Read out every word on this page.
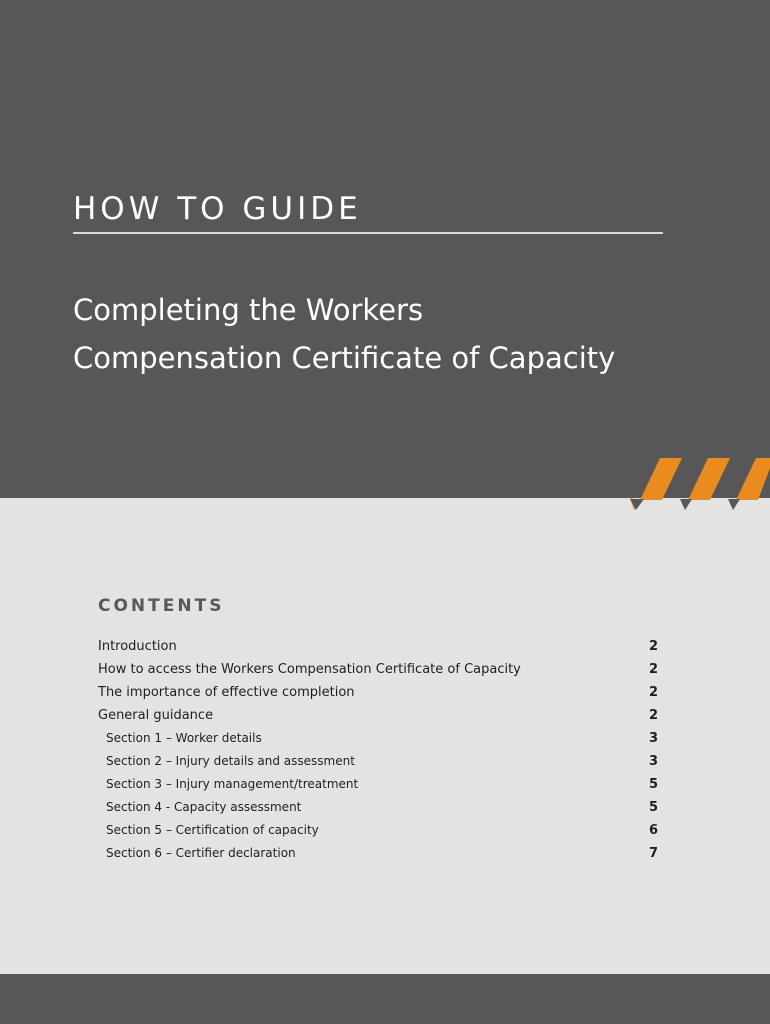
HOW TO GUIDE
Completing the Workers
Compensation Certificate of Capacity
CONTENTS
Introduction	2
How to access the Workers Compensation Certificate of Capacity	2
The importance of effective completion	2
General guidance	2
Section 1 – Worker details	3
Section 2 – Injury details and assessment	3
Section 3 – Injury management/treatment	5
Section 4 - Capacity assessment	5
Section 5 – Certification of capacity	6
Section 6 – Certifier declaration	7
